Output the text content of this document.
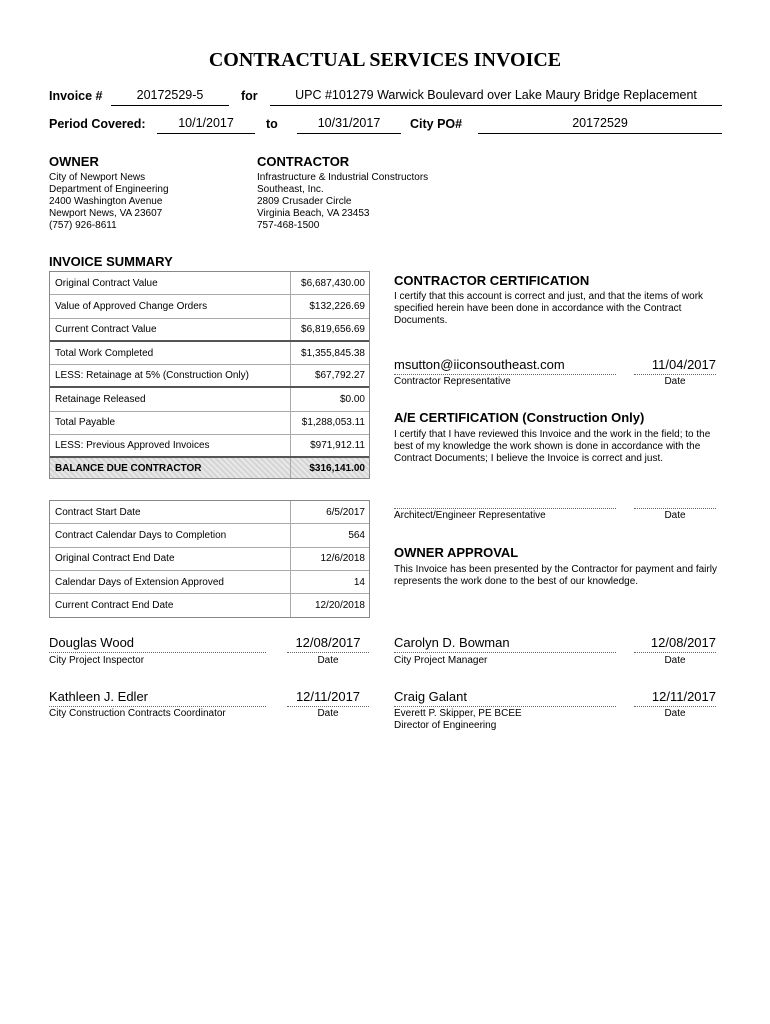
CONTRACTUAL SERVICES INVOICE
Invoice #	20172529-5	for	UPC #101279 Warwick Boulevard over Lake Maury Bridge Replacement
Period Covered:	10/1/2017	to	10/31/2017	City PO#	20172529
OWNER
City of Newport News
Department of Engineering
2400 Washington Avenue
Newport News, VA 23607
(757) 926-8611
CONTRACTOR
Infrastructure & Industrial Constructors
Southeast, Inc.
2809 Crusader Circle
Virginia Beach, VA 23453
757-468-1500
INVOICE SUMMARY
Original Contract Value	$6,687,430.00
Value of Approved Change Orders	$132,226.69
Current Contract Value	$6,819,656.69
Total Work Completed	$1,355,845.38
LESS: Retainage at 5% (Construction Only)	$67,792.27
Retainage Released	$0.00
Total Payable	$1,288,053.11
LESS: Previous Approved Invoices	$971,912.11
BALANCE DUE CONTRACTOR	$316,141.00
Contract Start Date	6/5/2017
Contract Calendar Days to Completion	564
Original Contract End Date	12/6/2018
Calendar Days of Extension Approved	14
Current Contract End Date	12/20/2018
CONTRACTOR CERTIFICATION
I certify that this account is correct and just, and that the items of work specified herein have been done in accordance with the Contract Documents.
msutton@iiconsoutheast.com
Contractor Representative
11/04/2017
Date
A/E CERTIFICATION (Construction Only)
I certify that I have reviewed this Invoice and the work in the field; to the best of my knowledge the work shown is done in accordance with the Contract Documents; I believe the Invoice is correct and just.
Architect/Engineer Representative	Date
OWNER APPROVAL
This Invoice has been presented by the Contractor for payment and fairly represents the work done to the best of our knowledge.
Douglas Wood
City Project Inspector
12/08/2017
Date
Carolyn D. Bowman
City Project Manager
12/08/2017
Date
Kathleen J. Edler
City Construction Contracts Coordinator
12/11/2017
Date
Craig Galant
Everett P. Skipper, PE BCEE
Director of Engineering
12/11/2017
Date
